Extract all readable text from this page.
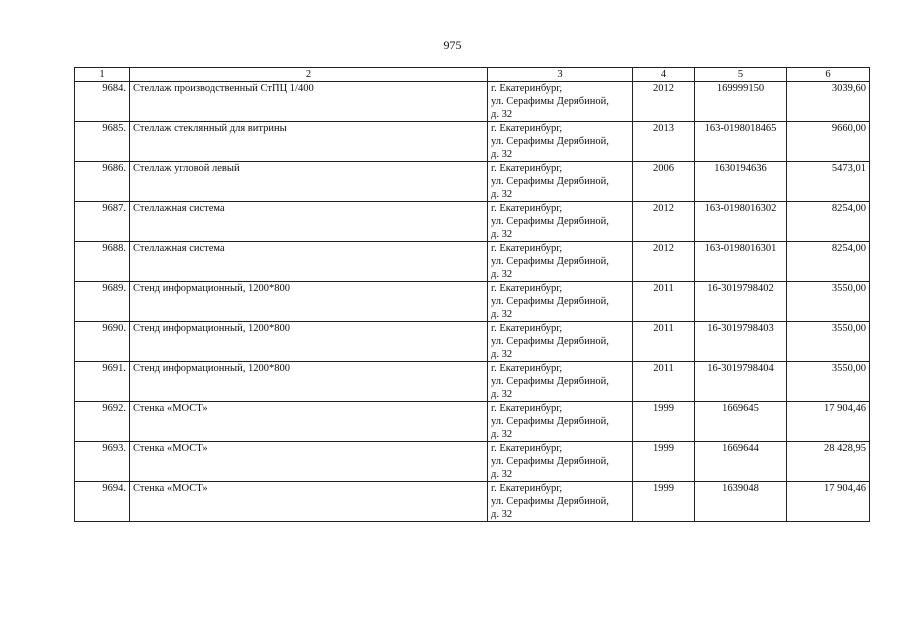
975
1	2	3	4	5	6
9684.	Стеллаж производственный СтПЦ 1/400	г. Екатеринбург,
ул. Серафимы Дерябиной,
д. 32	2012	169999150	3039,60
9685.	Стеллаж стеклянный для витрины	г. Екатеринбург,
ул. Серафимы Дерябиной,
д. 32	2013	163-0198018465	9660,00
9686.	Стеллаж угловой левый	г. Екатеринбург,
ул. Серафимы Дерябиной,
д. 32	2006	1630194636	5473,01
9687.	Стеллажная система	г. Екатеринбург,
ул. Серафимы Дерябиной,
д. 32	2012	163-0198016302	8254,00
9688.	Стеллажная система	г. Екатеринбург,
ул. Серафимы Дерябиной,
д. 32	2012	163-0198016301	8254,00
9689.	Стенд информационный, 1200*800	г. Екатеринбург,
ул. Серафимы Дерябиной,
д. 32	2011	16-3019798402	3550,00
9690.	Стенд информационный, 1200*800	г. Екатеринбург,
ул. Серафимы Дерябиной,
д. 32	2011	16-3019798403	3550,00
9691.	Стенд информационный, 1200*800	г. Екатеринбург,
ул. Серафимы Дерябиной,
д. 32	2011	16-3019798404	3550,00
9692.	Стенка «МОСТ»	г. Екатеринбург,
ул. Серафимы Дерябиной,
д. 32	1999	1669645	17 904,46
9693.	Стенка «МОСТ»	г. Екатеринбург,
ул. Серафимы Дерябиной,
д. 32	1999	1669644	28 428,95
9694.	Стенка «МОСТ»	г. Екатеринбург,
ул. Серафимы Дерябиной,
д. 32	1999	1639048	17 904,46
